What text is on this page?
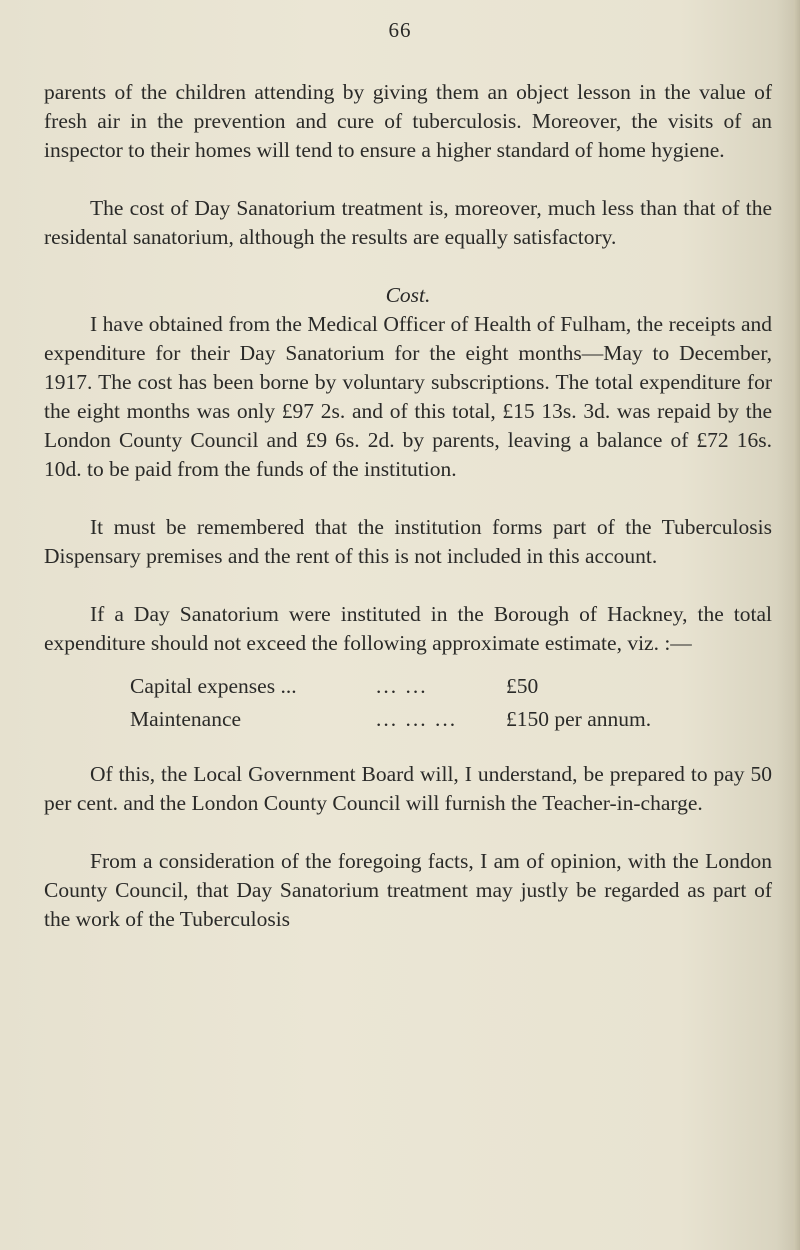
66

parents of the children attending by giving them an object lesson in the value of fresh air in the prevention and cure of tuberculosis. Moreover, the visits of an inspector to their homes will tend to ensure a higher standard of home hygiene.

The cost of Day Sanatorium treatment is, moreover, much less than that of the residental sanatorium, although the results are equally satisfactory.

Cost.

I have obtained from the Medical Officer of Health of Fulham, the receipts and expenditure for their Day Sanatorium for the eight months—May to December, 1917. The cost has been borne by voluntary subscriptions. The total expenditure for the eight months was only £97 2s. and of this total, £15 13s. 3d. was repaid by the London County Council and £9 6s. 2d. by parents, leaving a balance of £72 16s. 10d. to be paid from the funds of the institution.

It must be remembered that the institution forms part of the Tuberculosis Dispensary premises and the rent of this is not included in this account.

If a Day Sanatorium were instituted in the Borough of Hackney, the total expenditure should not exceed the following approximate estimate, viz. :—

Capital expenses ...	... ...	£50
Maintenance	... ... ...	£150 per annum.

Of this, the Local Government Board will, I understand, be prepared to pay 50 per cent. and the London County Council will furnish the Teacher-in-charge.

From a consideration of the foregoing facts, I am of opinion, with the London County Council, that Day Sanatorium treatment may justly be regarded as part of the work of the Tuberculosis
